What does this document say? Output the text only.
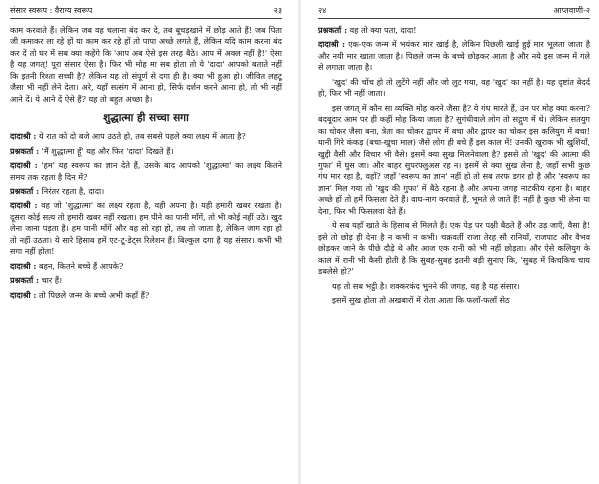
संसार स्वरूप : वैराग्य स्वरूप	२३

काम करवाते हैं। लेकिन जब वह चलाना बंद कर दे, तब बूचड़खाने में छोड़ आते हैं! जब पिता जी कमाकर ला रहे हों या काम कर रहे हों तो पापा अच्छे लगते हैं, लेकिन यदि काम करना बंद कर दें तो घर में सब क्या कहेंगे कि 'आप अब ऐसे इस तरह बैठे। आप में अक्ल नहीं है!' ऐसा है यह जगत्! पूरा संसार ऐसा है। फिर भी मोह मा सब होता तो ये 'दादा' आपको बताते नहीं कि इतनी रिश्ता सच्ची है? लेकिन यह तो संपूर्ण से दगा ही है। क्या भी हुआ हो। जीवित लहटू जैसा भी नहीं लेने देता। अरे, यहाँ सत्संग में आना हो, सिर्फ दर्शन करने आना हो, तो भी नहीं आने दें। ये आने दें ऐसे हैं? यह तो बहुत अच्छा है।

शुद्धात्मा ही सच्चा सगा

दादाश्री : ये रात को दो बजे आप उठते हो, तब सबसे पहले क्या लक्ष्य में आता है?

प्रश्नकर्ता : 'मैं शुद्धात्मा हूँ' यह और फिर 'दादा' दिखते हैं।

दादाश्री : 'हम' यह स्वरूप का ज्ञान देते हैं, उसके बाद आपको 'शुद्धात्मा' का लक्ष्य कितने समय तक रहता है दिन में?

प्रश्नकर्ता : निरंतर रहता है, दादा।

दादाश्री : वह जो 'शुद्धात्मा' का लक्ष्य रहता है, वही अपना है। यही हमारी खबर रखता है। दूसरा कोई सत्य तो हमारी खबर नहीं रखता। हम पीने का पानी माँगें, तो भी कोई नहीं उठे। खुद लेना जाना पड़ता है। हम पानी माँगें और वह सो रहा हो, तब तो जाता है, लेकिन जाग रहा हो तो नहीं उठता। ये सारे हिसाब हमें एट-टू-डेट्स रिलेशन हैं। बिल्कुल दगा है यह संसार। कभी भी सगा नहीं होता!

दादाश्री : बहन, कितने बच्चे हैं आपके?

प्रश्नकर्ता : चार हैं।

दादाश्री : तो पिछले जन्म के बच्चे अभी कहाँ हैं?

२४	आप्तवाणी-२

प्रश्नकर्ता : वह तो क्या पता, दादा!

दादाश्री : एक-एक जन्म में भयंकर मार खाई है, लेकिन पिछली खाई हुई मार भूलता जाता है और नयी मार खाता जाता है। पिछले जन्म के बच्चे छोड़कर आता है और नये इस जन्म में गले से लगाता जाता है।

'खुद' की चोंच हो तो लुटेंगे नहीं और जो लुट गया, वह 'खुद' का नहीं है। यह दृष्टांत बेदर्द हो, फिर भी नहीं जाता।

इस जगत् में कौन सा व्यक्ति मोह करने जैसा है? ये गंध मारते हैं, उन पर मोह क्या करना? बदबूदार आम पर ही कहीं मोह किया जाता है? सुगंधीवाले लोग तो सद्गुण में थे। लेकिन सतयुग का चोकर जैसा बना, त्रेता का चोकर द्वापर में बचा और द्वापर का चोकर इस कलियुग में बचा! यानी गिरे कंकड़ (बचा-खुचा माल) जैसे लोग ही बचे हैं इस काल में! उनकी खुराक भी खुशियाँ, खुद्दी वैसी और विचार भी वैसे। इसमें क्या सुख मिलनेवाला है? इससे तो 'खुद' की आत्मा की गुफा' में घुस जा। और बाहर सुपरफ्लुअस रह न। इसमें से क्या सुख लेना है, जहाँ सभी कुछ गंध मार रहा है, वहाँ? जहाँ 'स्वरूप का ज्ञान' नहीं हो तो सब तरफ डगर हो है और 'स्वरूप का ज्ञान' मिल गया तो 'खुद की गुफा' में बैठे रहना है और अपना जगह नाटकीय रहना है। बाहर अच्छे हों तो हमें फिसला देते हैं। वाघ-नाग करवाते हैं, भूमते ले जाते हैं! नहीं है कुछ भी लेना या देना, फिर भी फिसलवा देते हैं।

ये सब यहाँ खाते के हिसाब से मिलते हैं। एक पेड़ पर पक्षी बैठते हैं और उड़ जाएँ, वैसा है! इसे तो छोड़ ही देना है न कभी न कभी। चक्रवर्ती राजा तेरह सौ रानियाँ, राजपाट और वैभव छोड़कर जाने के पीछे दौड़े थे और आज एक रानी को भी नहीं छोड़ता। और ऐसे कलियुग के काल में रानी भी कैसी होती है कि सुबह-सुबह इतनी बड़ी सुनाए कि, 'सुबह में किचकिच चाय डबलेसे हो?'

यह तो सब भट्ठी है। शक्करकंद भुनने की जगह, यह है यह संसार।

इसमें सुख होता तो अखबारों में रोता आता कि फलाँ-फलाँ सेठ
